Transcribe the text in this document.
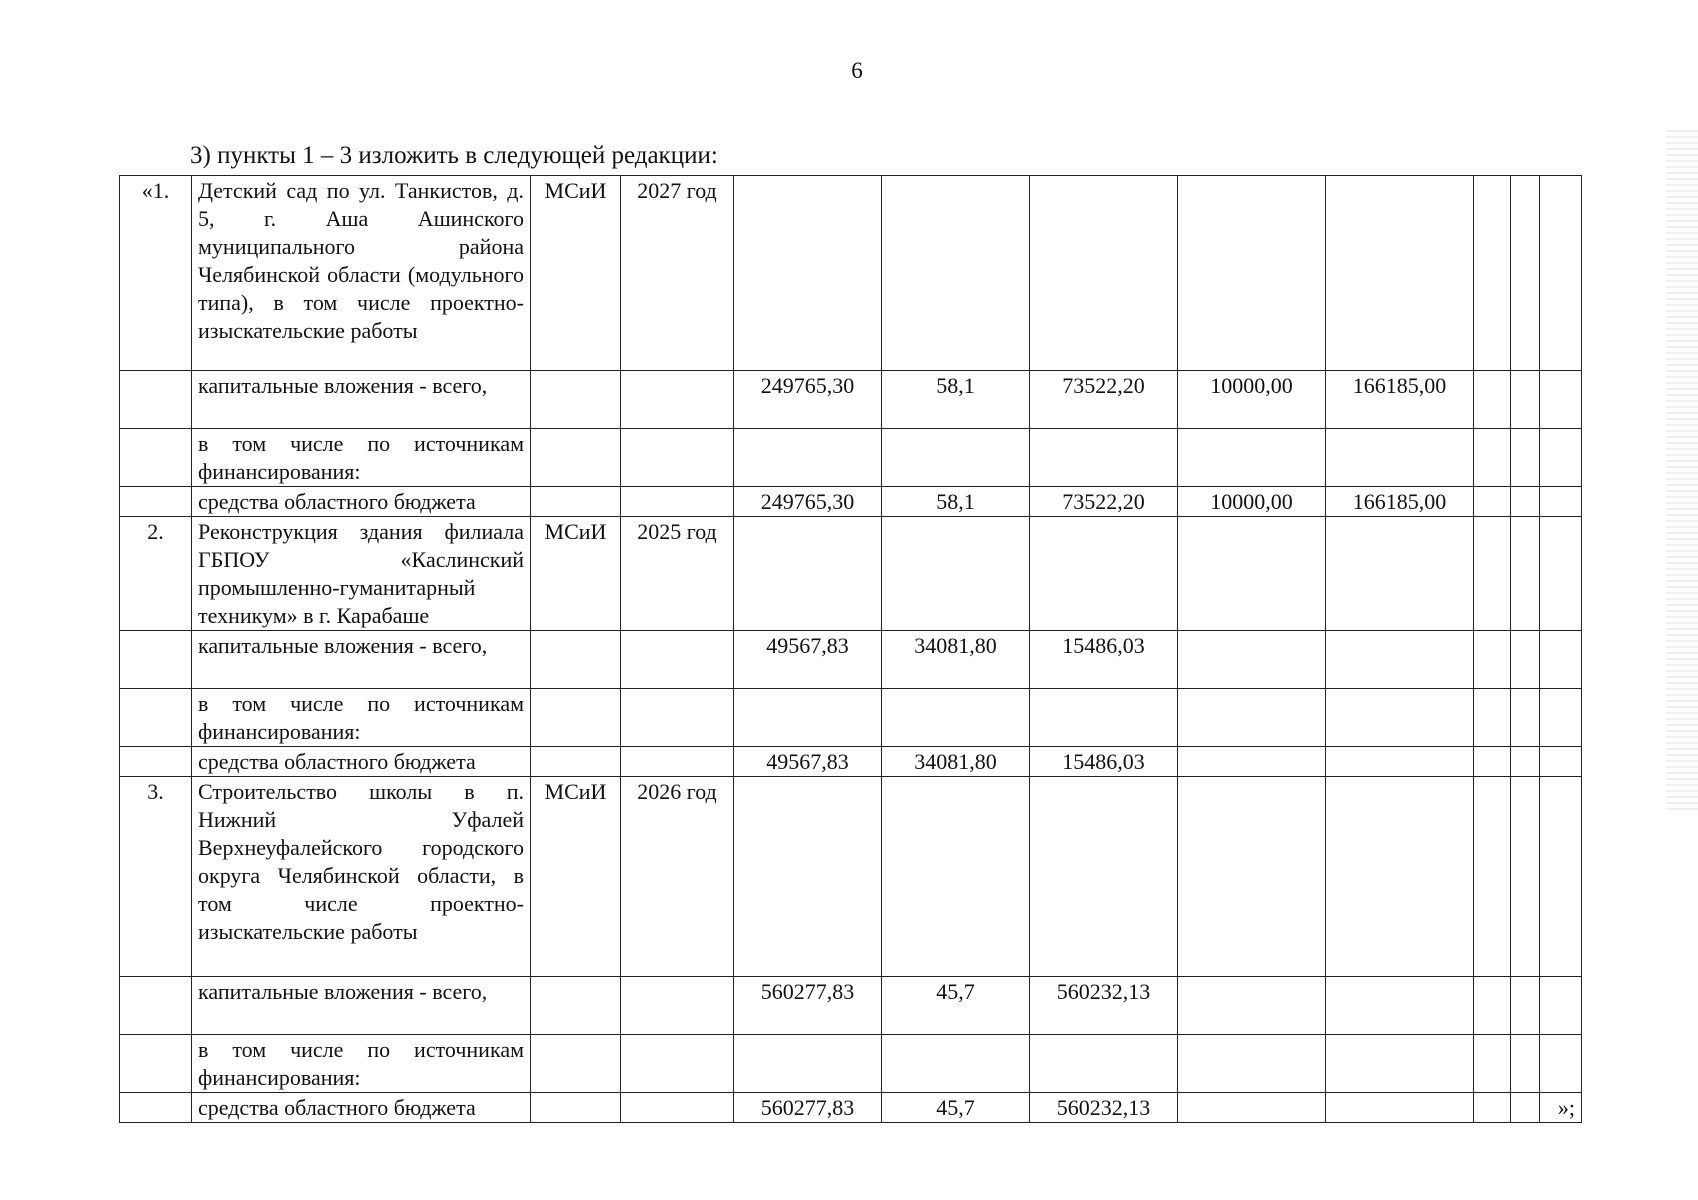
6
3) пункты 1 – 3 изложить в следующей редакции:
«1.	Детский сад по ул. Танкистов, д. 5, г. Аша Ашинского муниципального района Челябинской области (модульного типа), в том числе проектно-изыскательские работы	МСиИ	2027 год								
	капитальные вложения - всего,			249765,30	58,1	73522,20	10000,00	166185,00			
	в том числе по источникам финансирования:										
	средства областного бюджета			249765,30	58,1	73522,20	10000,00	166185,00			
2.	Реконструкция здания филиала ГБПОУ «Каслинский промышленно-гуманитарный техникум» в г. Карабаше	МСиИ	2025 год								
	капитальные вложения - всего,			49567,83	34081,80	15486,03					
	в том числе по источникам финансирования:										
	средства областного бюджета			49567,83	34081,80	15486,03					
3.	Строительство школы в п. Нижний Уфалей Верхнеуфалейского городского округа Челябинской области, в том числе проектно-изыскательские работы	МСиИ	2026 год								
	капитальные вложения - всего,			560277,83	45,7	560232,13					
	в том числе по источникам финансирования:										
	средства областного бюджета			560277,83	45,7	560232,13					»;
